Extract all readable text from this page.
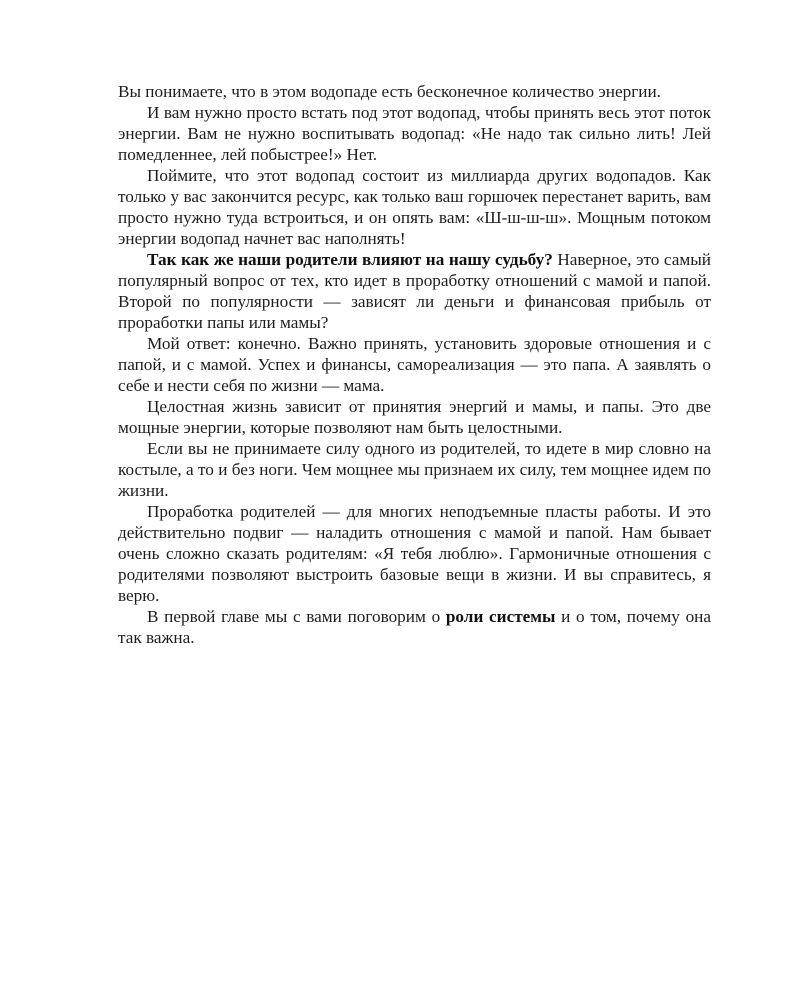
Вы понимаете, что в этом водопаде есть бесконечное количество энергии.

И вам нужно просто встать под этот водопад, чтобы принять весь этот поток энергии. Вам не нужно воспитывать водопад: «Не надо так сильно лить! Лей помедленнее, лей побыстрее!» Нет.

Поймите, что этот водопад состоит из миллиарда других водопадов. Как только у вас закончится ресурс, как только ваш горшочек перестанет варить, вам просто нужно туда встроиться, и он опять вам: «Ш-ш-ш-ш». Мощным потоком энергии водопад начнет вас наполнять!

Так как же наши родители влияют на нашу судьбу? Наверное, это самый популярный вопрос от тех, кто идет в проработку отношений с мамой и папой. Второй по популярности — зависят ли деньги и финансовая прибыль от проработки папы или мамы?

Мой ответ: конечно. Важно принять, установить здоровые отношения и с папой, и с мамой. Успех и финансы, самореализация — это папа. А заявлять о себе и нести себя по жизни — мама.

Целостная жизнь зависит от принятия энергий и мамы, и папы. Это две мощные энергии, которые позволяют нам быть целостными.

Если вы не принимаете силу одного из родителей, то идете в мир словно на костыле, а то и без ноги. Чем мощнее мы признаем их силу, тем мощнее идем по жизни.

Проработка родителей — для многих неподъемные пласты работы. И это действительно подвиг — наладить отношения с мамой и папой. Нам бывает очень сложно сказать родителям: «Я тебя люблю». Гармоничные отношения с родителями позволяют выстроить базовые вещи в жизни. И вы справитесь, я верю.

В первой главе мы с вами поговорим о роли системы и о том, почему она так важна.
